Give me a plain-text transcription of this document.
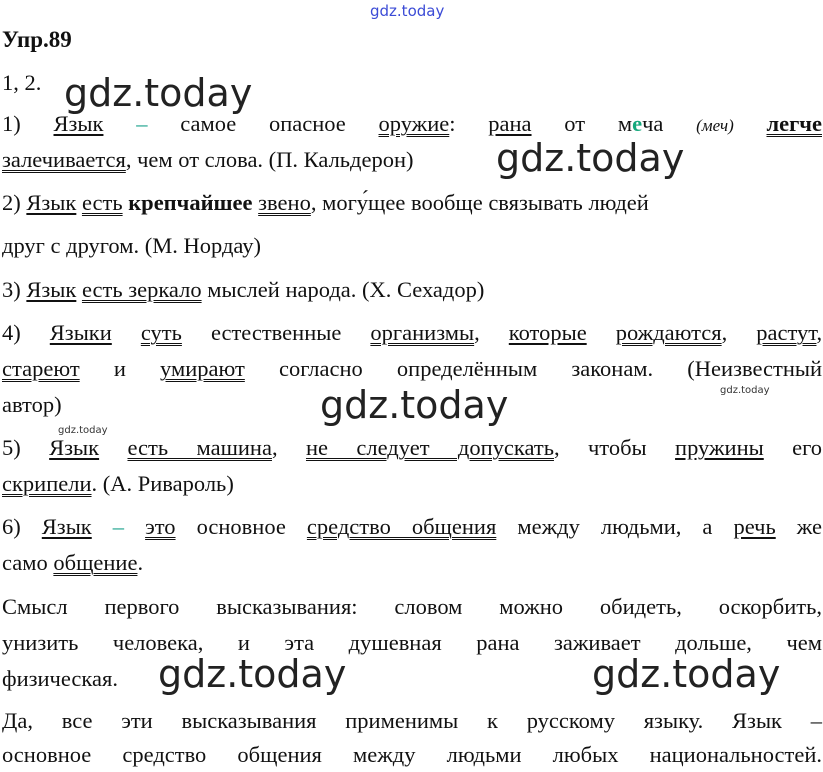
gdz.today
gdz.today
gdz.today
gdz.today
gdz.today	gdz.today
gdz.today
gdz.today
Упр.89
1, 2.
1) Язык – самое опасное оружие: рана от меча (меч) легче
залечивается, чем от слова. (П. Кальдерон)
2) Язык есть крепчайшее звено, могу́щее вообще связывать людей
друг с другом. (М. Нордау)
3) Язык есть зеркало мыслей народа. (Х. Сехадор)
4) Языки суть естественные организмы, которые рождаются, растут,
стареют и умирают согласно определённым законам. (Неизвестный
автор)
5) Язык есть машина, не следует допускать, чтобы пружины его
скрипели. (А. Ривароль)
6) Язык – это основное средство общения между людьми, а речь же
само общение.
Смысл первого высказывания: словом можно обидеть, оскорбить,
унизить человека, и эта душевная рана заживает дольше, чем
физическая.
Да, все эти высказывания применимы к русскому языку. Язык –
основное средство общения между людьми любых национальностей.
